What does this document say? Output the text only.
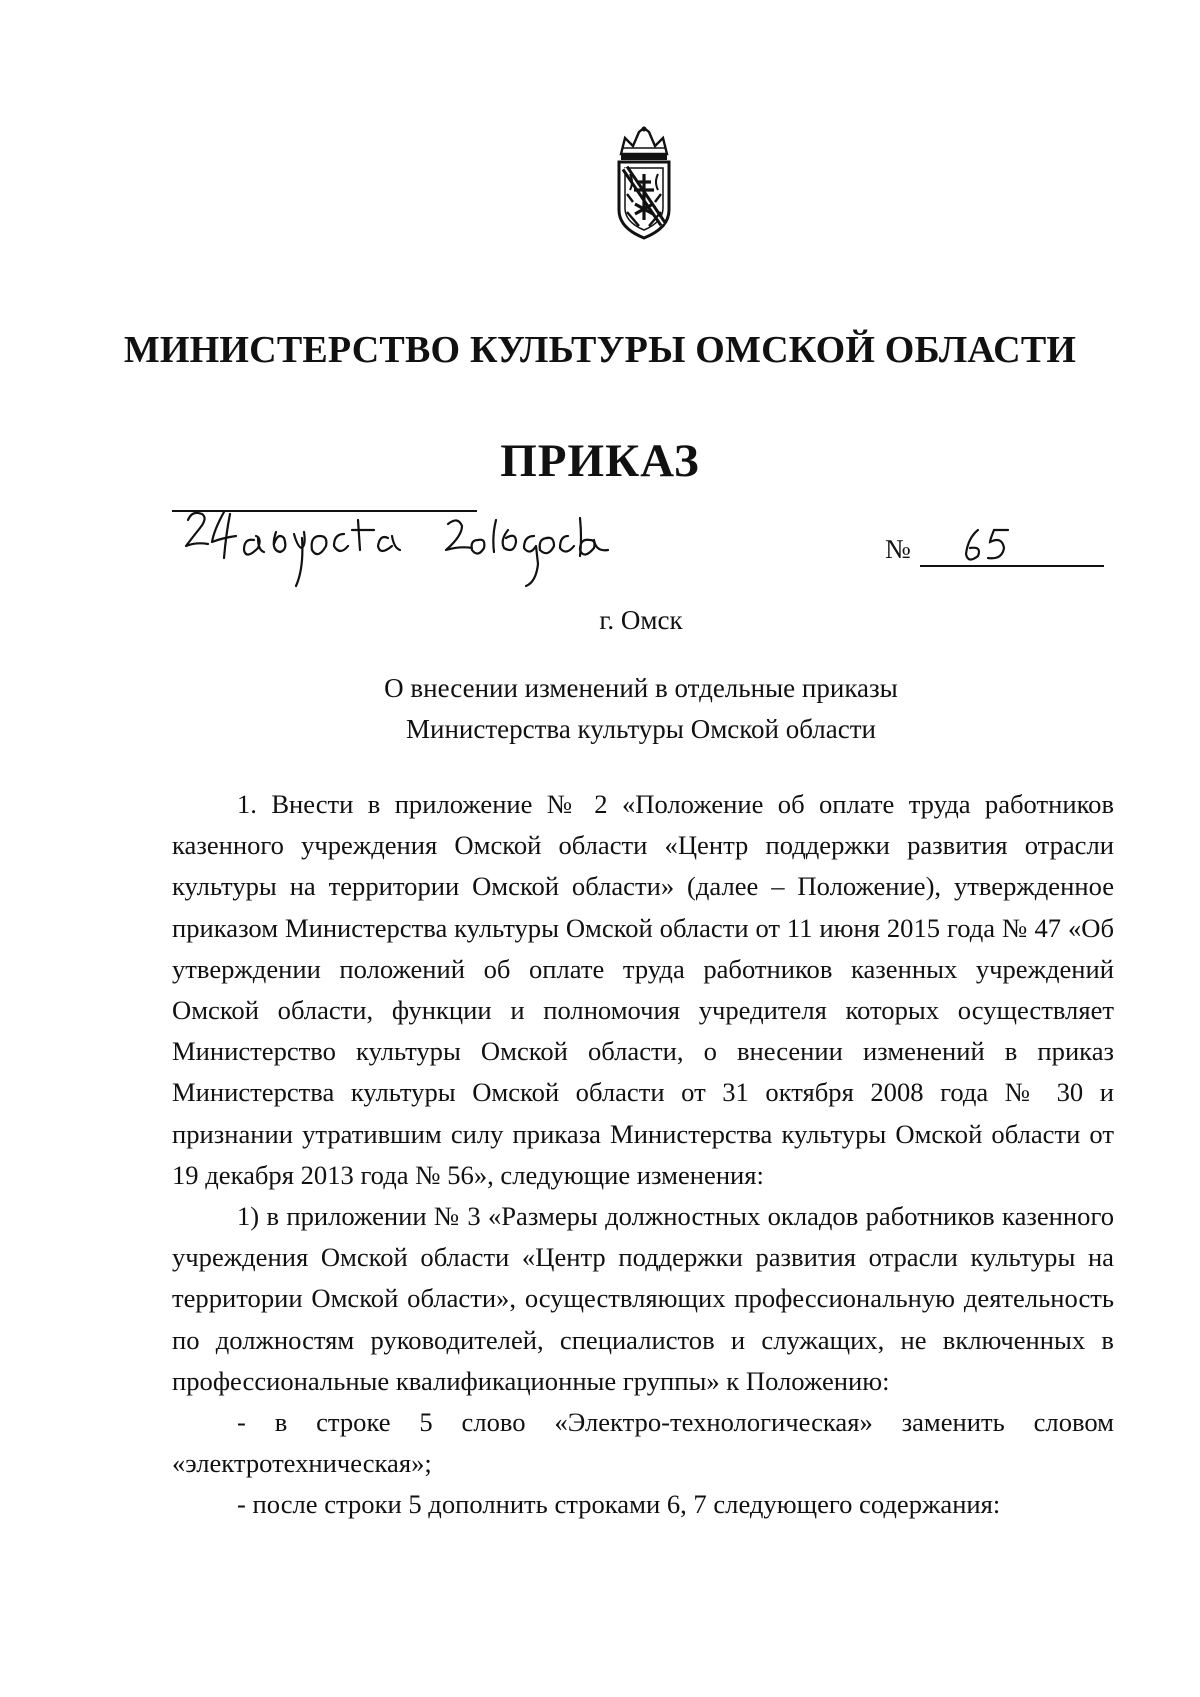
МИНИСТЕРСТВО КУЛЬТУРЫ ОМСКОЙ ОБЛАСТИ
ПРИКАЗ
№
г. Омск
О внесении изменений в отдельные приказы
Министерства культуры Омской области

1. Внести в приложение № 2 «Положение об оплате труда работников казенного учреждения Омской области «Центр поддержки развития отрасли культуры на территории Омской области» (далее – Положение), утвержденное приказом Министерства культуры Омской области от 11 июня 2015 года № 47 «Об утверждении положений об оплате труда работников казенных учреждений Омской области, функции и полномочия учредителя которых осуществляет Министерство культуры Омской области, о внесении изменений в приказ Министерства культуры Омской области от 31 октября 2008 года № 30 и признании утратившим силу приказа Министерства культуры Омской области от 19 декабря 2013 года № 56», следующие изменения:

1) в приложении № 3 «Размеры должностных окладов работников казенного учреждения Омской области «Центр поддержки развития отрасли культуры на территории Омской области», осуществляющих профессиональную деятельность по должностям руководителей, специалистов и служащих, не включенных в профессиональные квалификационные группы» к Положению:

- в строке 5 слово «Электро-технологическая» заменить словом «электротехническая»;

- после строки 5 дополнить строками 6, 7 следующего содержания:
